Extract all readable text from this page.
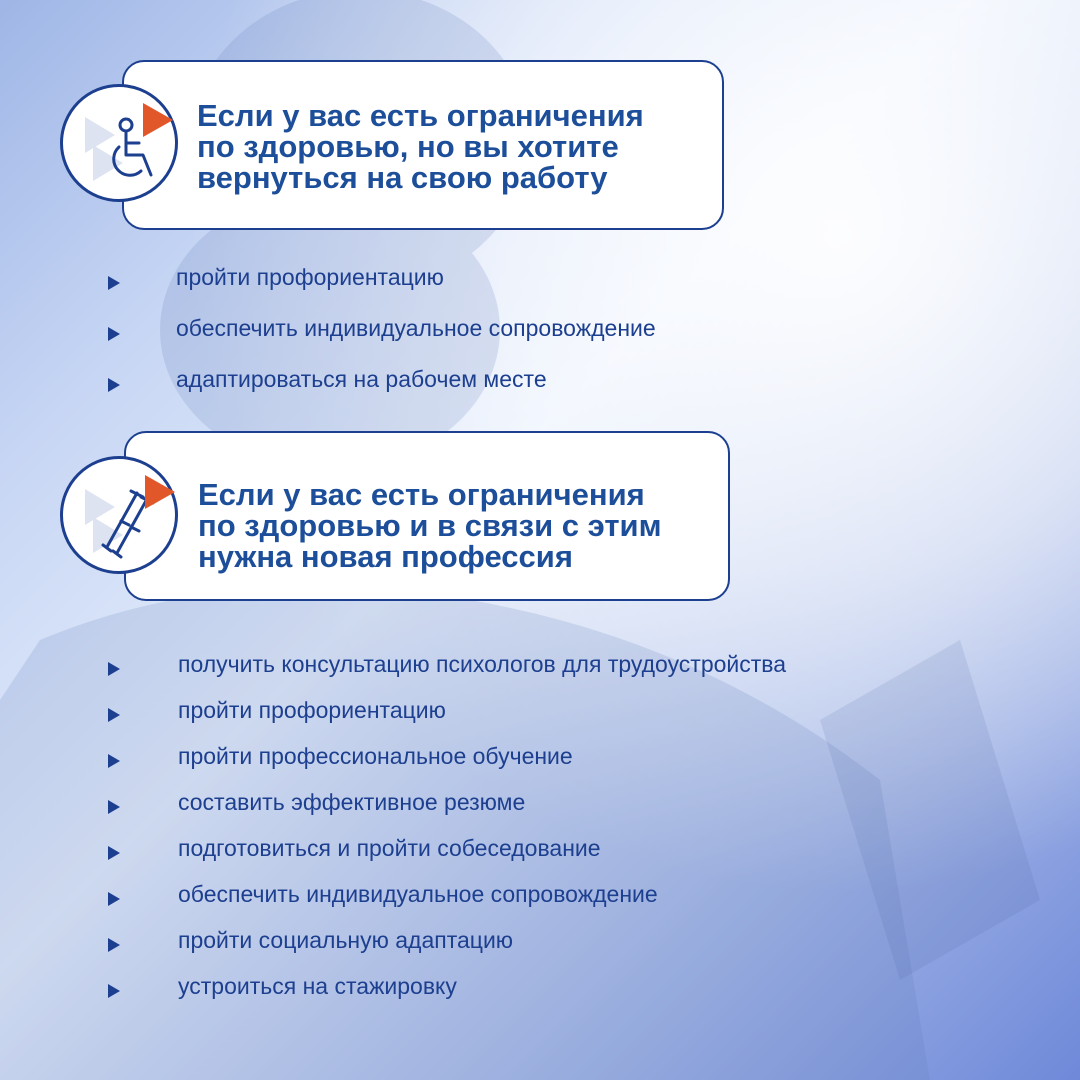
Если у вас есть ограничения
по здоровью, но вы хотите
вернуться на свою работу
пройти профориентацию
обеспечить индивидуальное сопровождение
адаптироваться на рабочем месте
Если у вас есть ограничения
по здоровью и в связи с этим
нужна новая профессия
получить консультацию психологов для трудоустройства
пройти профориентацию
пройти профессиональное обучение
составить эффективное резюме
подготовиться и пройти собеседование
обеспечить индивидуальное сопровождение
пройти социальную адаптацию
устроиться на стажировку
